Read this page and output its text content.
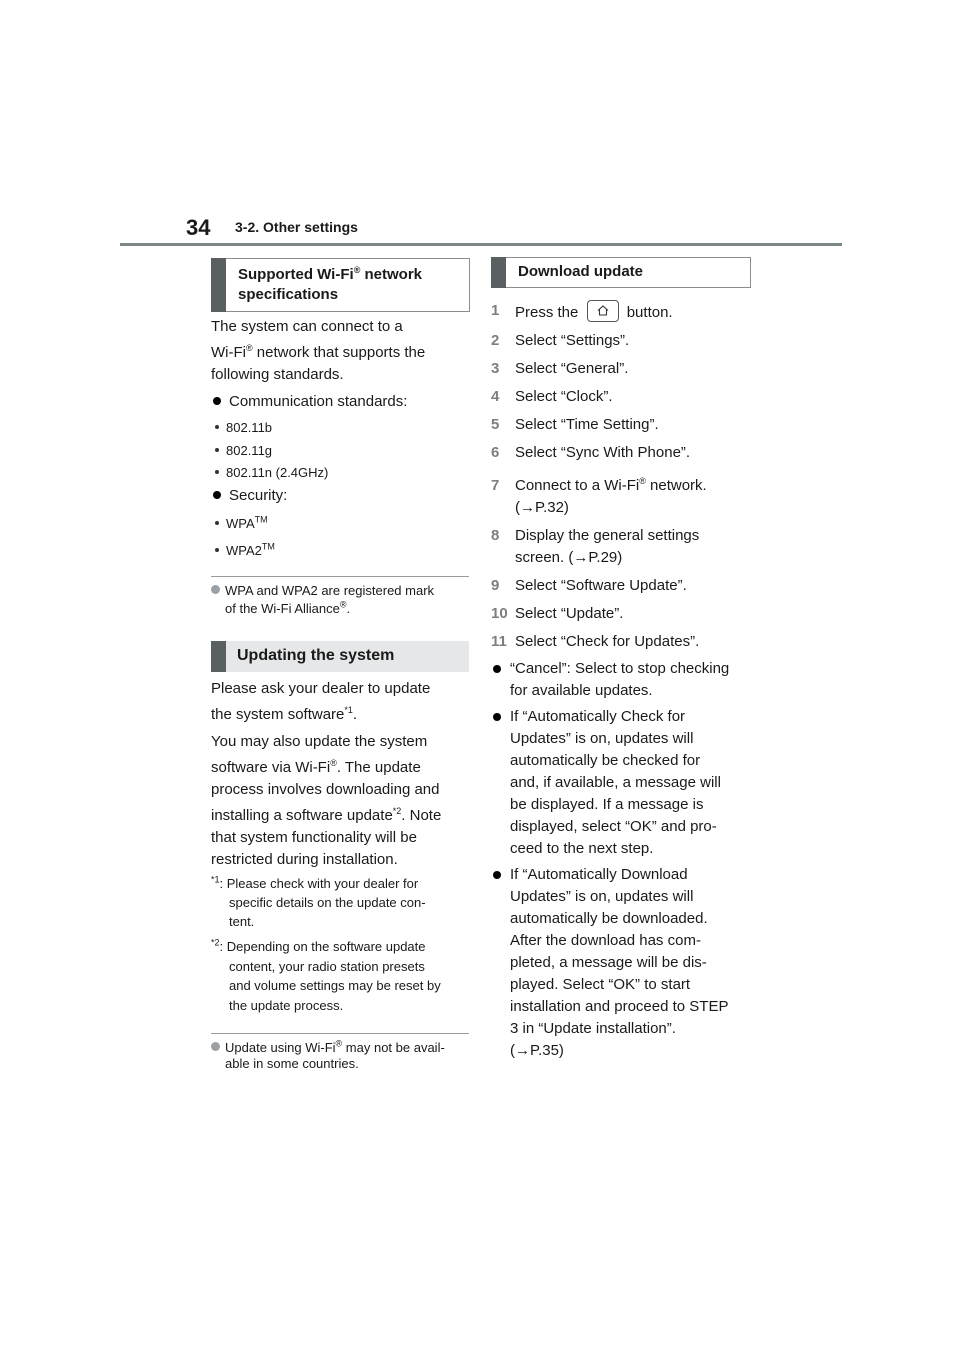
34 3-2. Other settings
Supported Wi-Fi® network
specifications
The system can connect to a
Wi-Fi® network that supports the
following standards.
Communication standards:
802.11b
802.11g
802.11n (2.4GHz)
Security:
WPA™
WPA2™
WPA and WPA2 are registered mark
of the Wi-Fi Alliance®.
Updating the system
Please ask your dealer to update
the system software$^{*1}$.
You may also update the system
software via Wi-Fi®. The update
process involves downloading and
installing a software update$^{*2}$. Note
that system functionality will be
restricted during installation.
$^{*1}$: Please check with your dealer for
specific details on the update con-
tent.
$^{*2}$: Depending on the software update
content, your radio station presets
and volume settings may be reset by
the update process.
Update using Wi-Fi® may not be avail-
able in some countries.
Download update
1 Press the	button.
2 Select “Settings”.
3 Select “General”.
4 Select “Clock”.
5 Select “Time Setting”.
6 Select “Sync With Phone”.
7 Connect to a Wi-Fi® network.
(→P.32)
8 Display the general settings
screen. (→P.29)
9 Select “Software Update”.
10 Select “Update”.
11 Select “Check for Updates”.
“Cancel”: Select to stop checking
for available updates.
If “Automatically Check for
Updates” is on, updates will
automatically be checked for
and, if available, a message will
be displayed. If a message is
displayed, select “OK” and pro-
ceed to the next step.
If “Automatically Download
Updates” is on, updates will
automatically be downloaded.
After the download has com-
pleted, a message will be dis-
played. Select “OK” to start
installation and proceed to STEP
3 in “Update installation”.
(→P.35)
